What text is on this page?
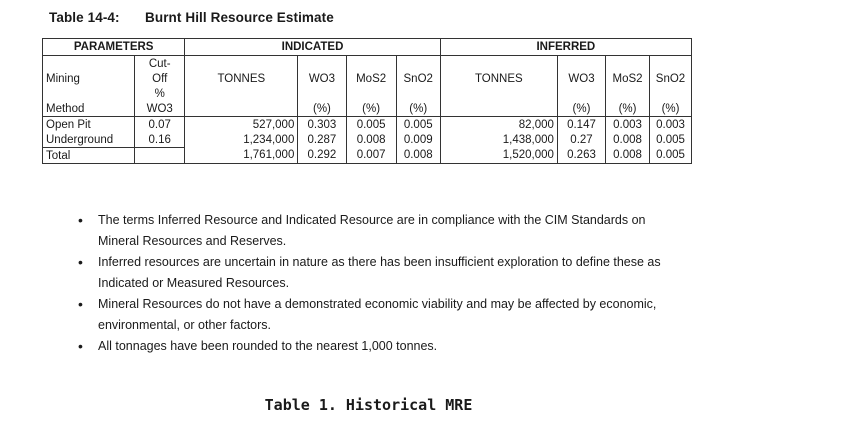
Table 14-4: Burnt Hill Resource Estimate
PARAMETERS		INDICATED				INFERRED			
	Cut-								
Mining	Off	TONNES	WO3	MoS2	SnO2	TONNES	WO3	MoS2	SnO2
	%								
Method	WO3		(%)	(%)	(%)		(%)	(%)	(%)
Open Pit	0.07	527,000	0.303	0.005	0.005	82,000	0.147	0.003	0.003
Underground	0.16	1,234,000	0.287	0.008	0.009	1,438,000	0.27	0.008	0.005
Total		1,761,000	0.292	0.007	0.008	1,520,000	0.263	0.008	0.005
• The terms Inferred Resource and Indicated Resource are in compliance with the CIM Standards on Mineral Resources and Reserves.
• Inferred resources are uncertain in nature as there has been insufficient exploration to define these as Indicated or Measured Resources.
• Mineral Resources do not have a demonstrated economic viability and may be affected by economic, environmental, or other factors.
• All tonnages have been rounded to the nearest 1,000 tonnes.
Table 1. Historical MRE
